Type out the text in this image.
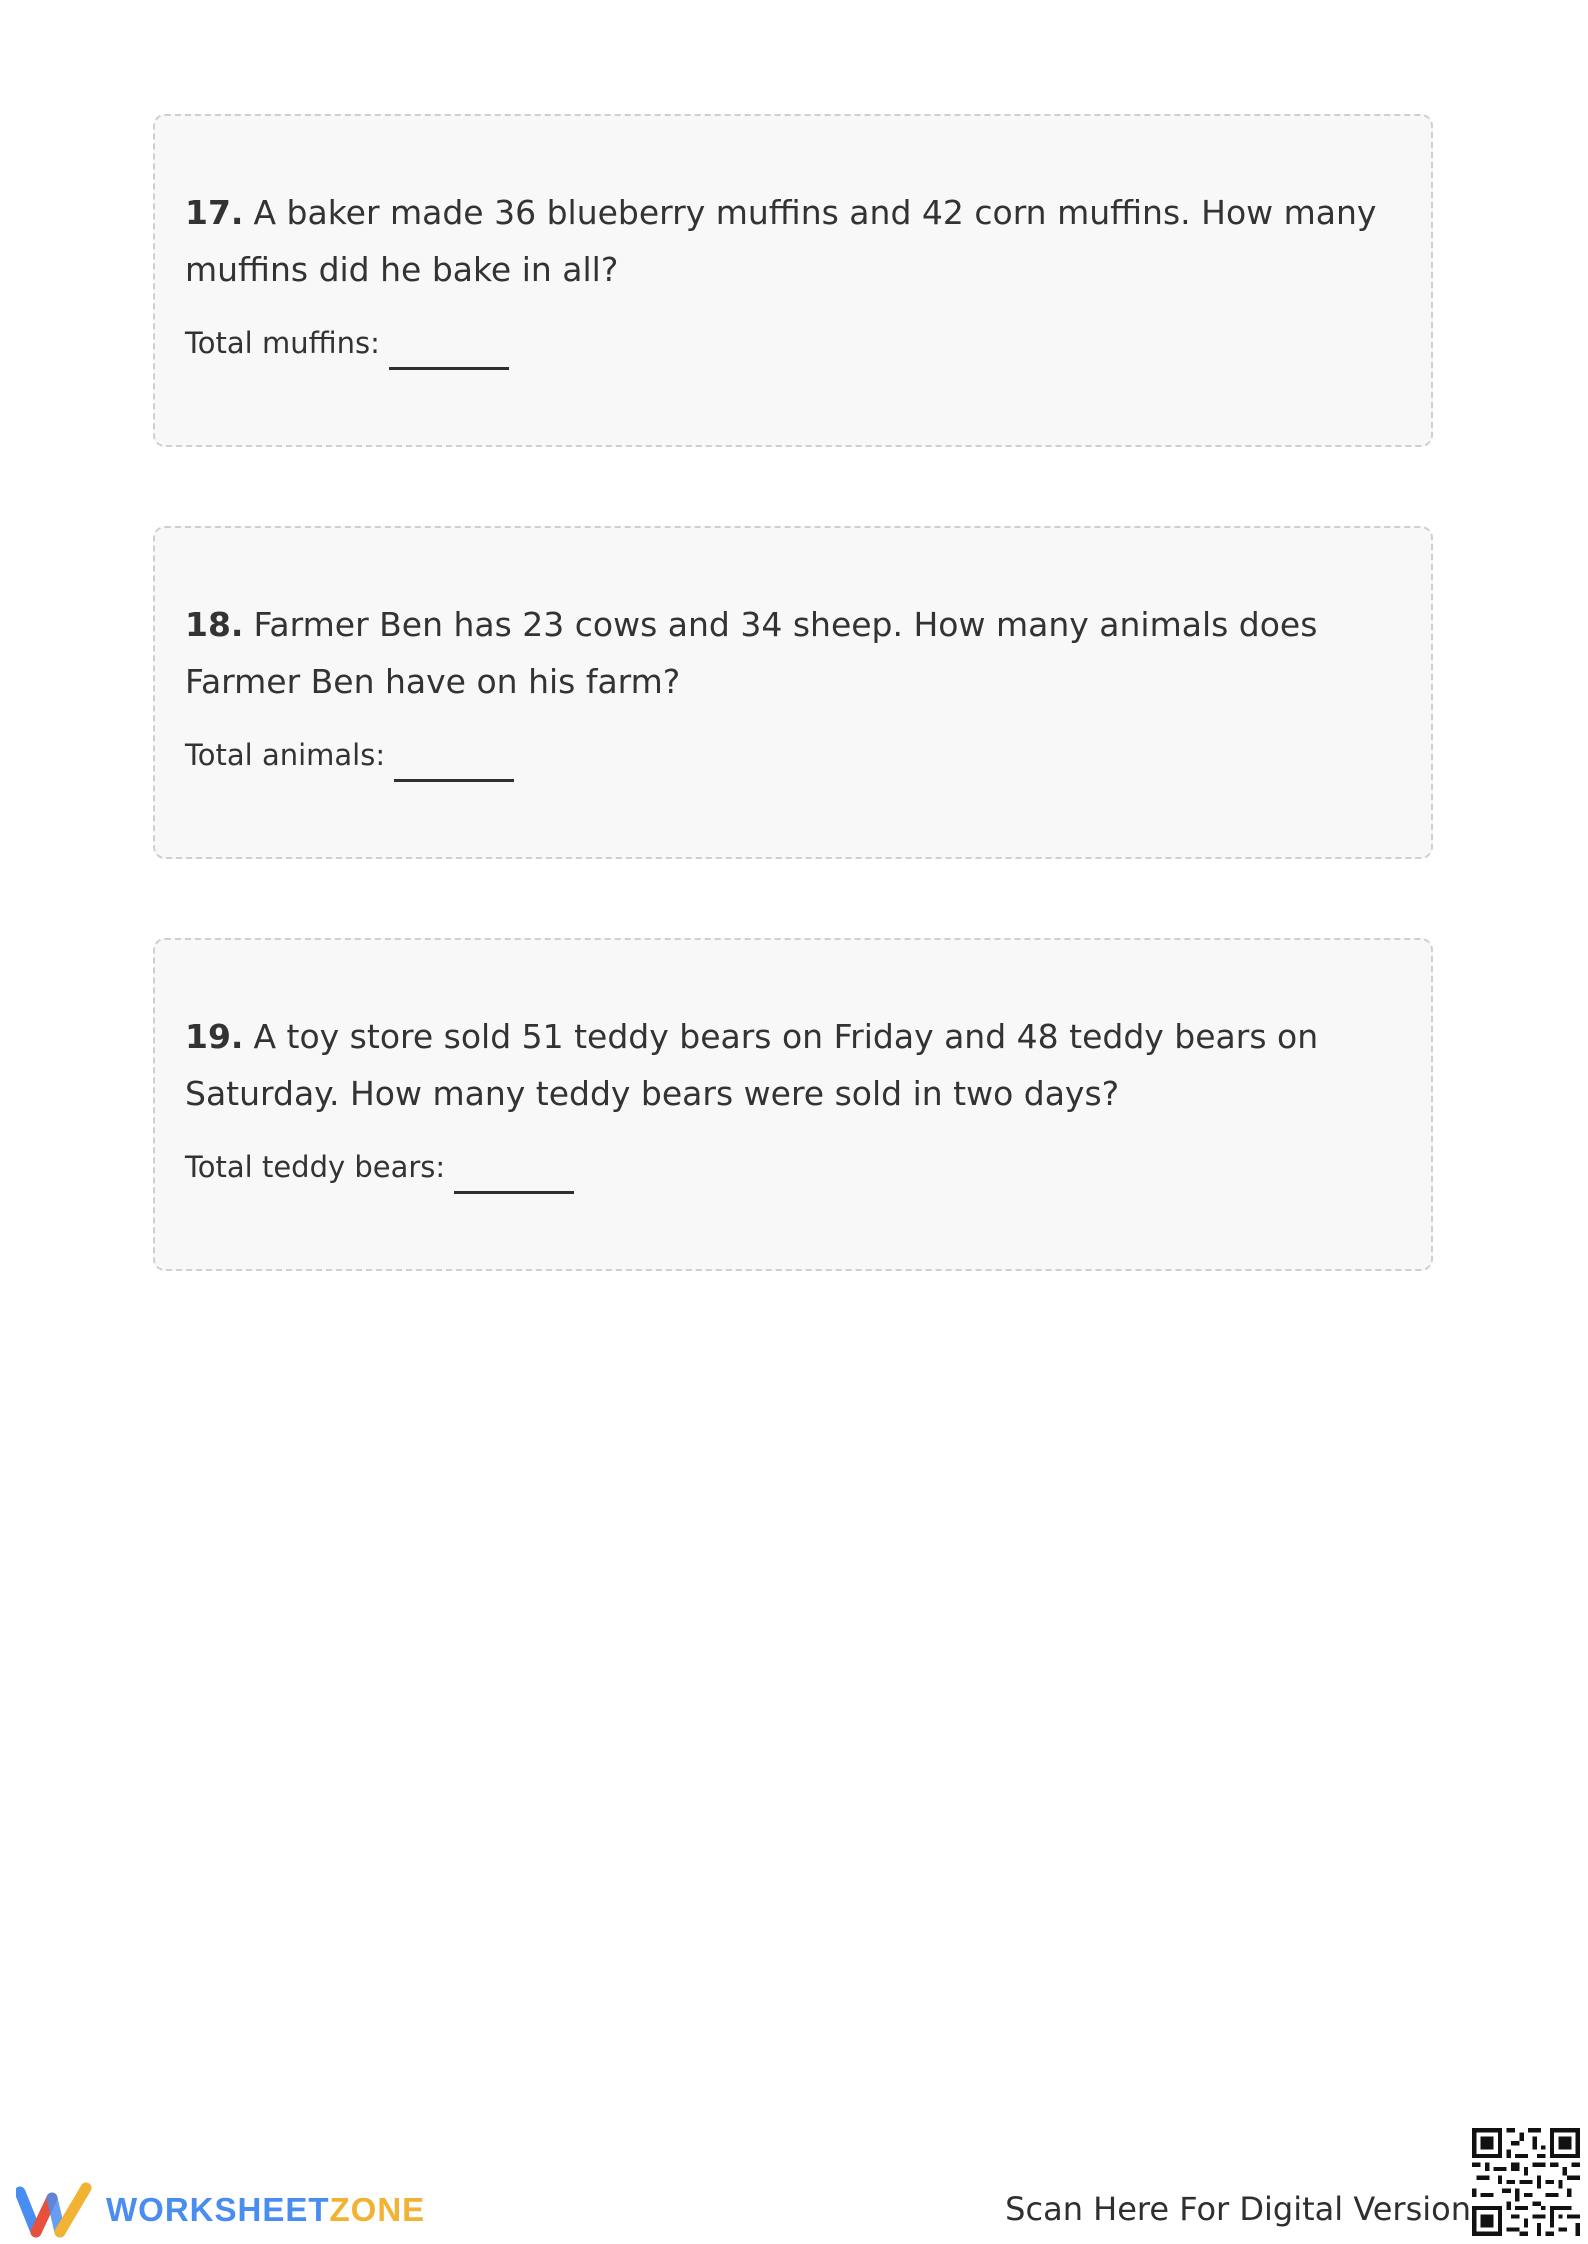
17. A baker made 36 blueberry muffins and 42 corn muffins. How many muffins did he bake in all?

Total muffins:

18. Farmer Ben has 23 cows and 34 sheep. How many animals does Farmer Ben have on his farm?

Total animals:

19. A toy store sold 51 teddy bears on Friday and 48 teddy bears on Saturday. How many teddy bears were sold in two days?

Total teddy bears:
WORKSHEETZONE	Scan Here For Digital Version
